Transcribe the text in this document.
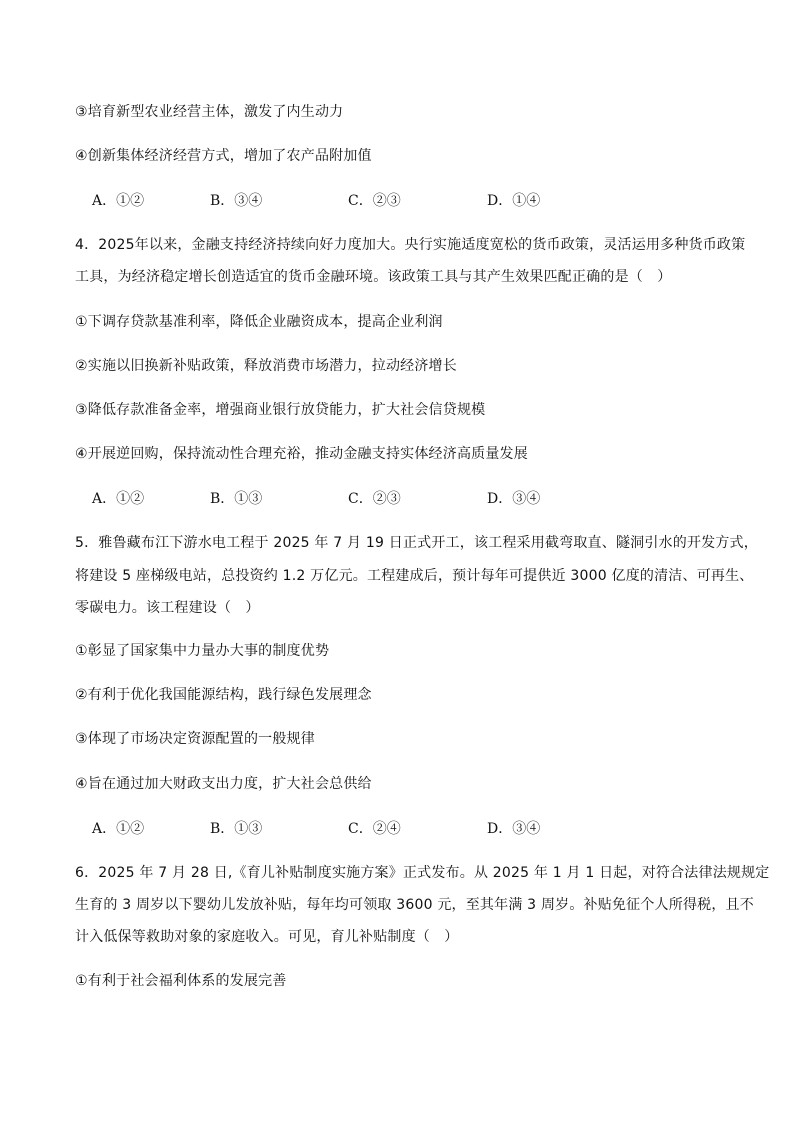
③培育新型农业经营主体，激发了内生动力
④创新集体经济经营方式，增加了农产品附加值
A．①②	B．③④	C．②③	D．①④
4．2025年以来，金融支持经济持续向好力度加大。央行实施适度宽松的货币政策，灵活运用多种货币政策
工具，为经济稳定增长创造适宜的货币金融环境。该政策工具与其产生效果匹配正确的是（　）
①下调存贷款基准利率，降低企业融资成本，提高企业利润
②实施以旧换新补贴政策，释放消费市场潜力，拉动经济增长
③降低存款准备金率，增强商业银行放贷能力，扩大社会信贷规模
④开展逆回购，保持流动性合理充裕，推动金融支持实体经济高质量发展
A．①②	B．①③	C．②③	D．③④
5．雅鲁藏布江下游水电工程于 2025 年 7 月 19 日正式开工，该工程采用截弯取直、隧洞引水的开发方式，
将建设 5 座梯级电站，总投资约 1.2 万亿元。工程建成后，预计每年可提供近 3000 亿度的清洁、可再生、
零碳电力。该工程建设（　）
①彰显了国家集中力量办大事的制度优势
②有利于优化我国能源结构，践行绿色发展理念
③体现了市场决定资源配置的一般规律
④旨在通过加大财政支出力度，扩大社会总供给
A．①②	B．①③	C．②④	D．③④
6．2025 年 7 月 28 日,《育儿补贴制度实施方案》正式发布。从 2025 年 1 月 1 日起，对符合法律法规规定
生育的 3 周岁以下婴幼儿发放补贴，每年均可领取 3600 元，至其年满 3 周岁。补贴免征个人所得税，且不
计入低保等救助对象的家庭收入。可见，育儿补贴制度（　）
①有利于社会福利体系的发展完善
